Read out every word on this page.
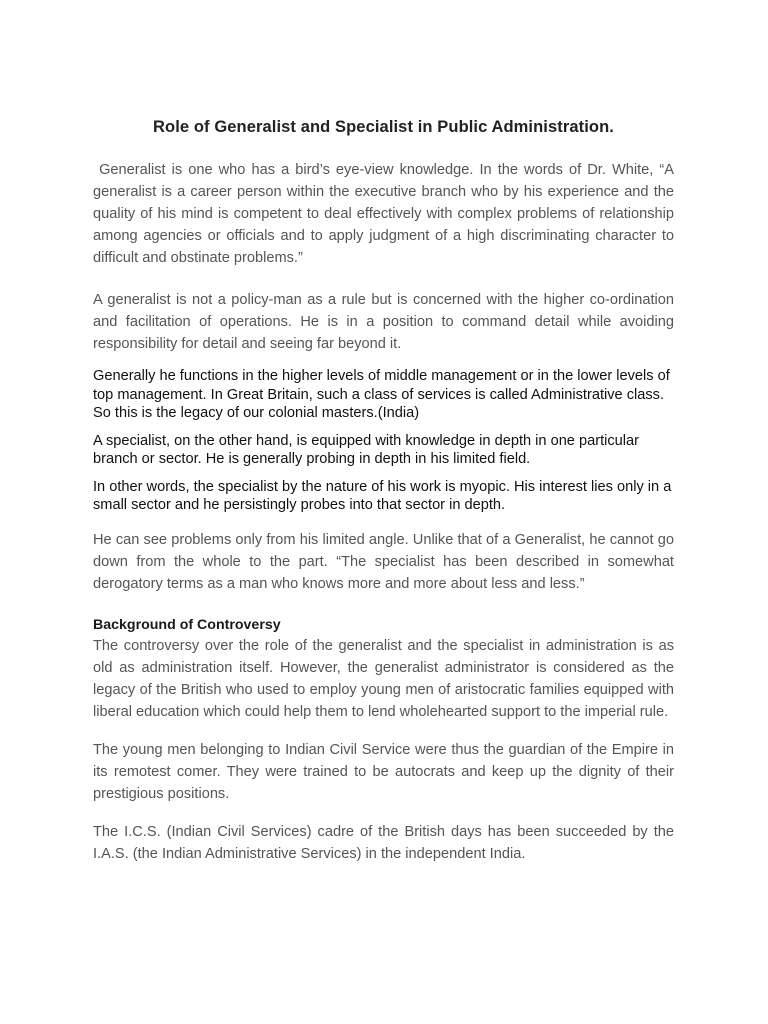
Role of Generalist and Specialist in Public Administration.

Generalist is one who has a bird’s eye-view knowledge. In the words of Dr. White, “A generalist is a career person within the executive branch who by his experience and the quality of his mind is competent to deal effectively with complex problems of relationship among agencies or officials and to apply judgment of a high discriminating character to difficult and obstinate problems.”

A generalist is not a policy-man as a rule but is concerned with the higher co-ordination and facilitation of operations. He is in a position to command detail while avoiding responsibility for detail and seeing far beyond it.

Generally he functions in the higher levels of middle management or in the lower levels of top management. In Great Britain, such a class of services is called Administrative class. So this is the legacy of our colonial masters.(India)

A specialist, on the other hand, is equipped with knowledge in depth in one particular branch or sector. He is generally probing in depth in his limited field.

In other words, the specialist by the nature of his work is myopic. His interest lies only in a small sector and he persistingly probes into that sector in depth.

He can see problems only from his limited angle. Unlike that of a Generalist, he cannot go down from the whole to the part. “The specialist has been described in somewhat derogatory terms as a man who knows more and more about less and less.”

Background of Controversy

The controversy over the role of the generalist and the specialist in administration is as old as administration itself. However, the generalist administrator is considered as the legacy of the British who used to employ young men of aristocratic families equipped with liberal education which could help them to lend wholehearted support to the imperial rule.

The young men belonging to Indian Civil Service were thus the guardian of the Empire in its remotest comer. They were trained to be autocrats and keep up the dignity of their prestigious positions.

The I.C.S. (Indian Civil Services) cadre of the British days has been succeeded by the I.A.S. (the Indian Administrative Services) in the independent India.
